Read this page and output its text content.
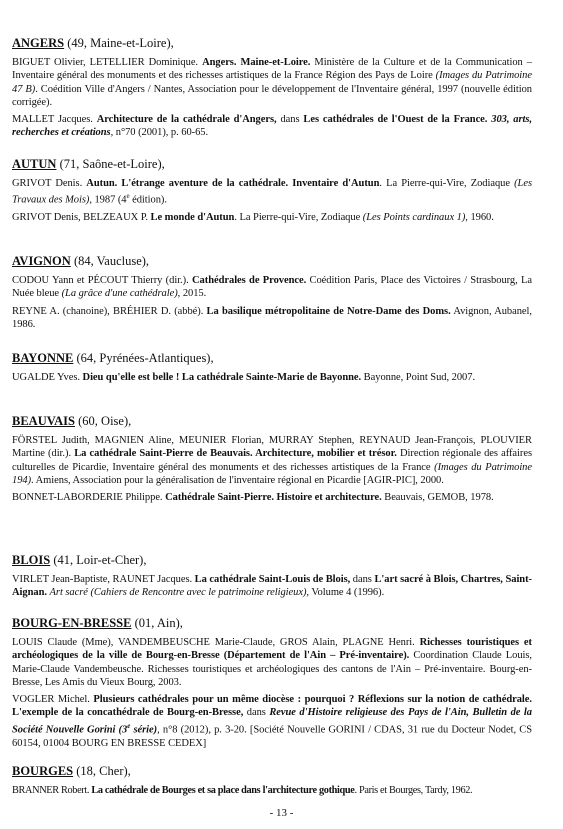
ANGERS (49, Maine-et-Loire),

BIGUET Olivier, LETELLIER Dominique. Angers. Maine-et-Loire. Ministère de la Culture et de la Communication – Inventaire général des monuments et des richesses artistiques de la France Région des Pays de Loire (Images du Patrimoine 47 B). Coédition Ville d'Angers / Nantes, Association pour le développement de l'Inventaire général, 1997 (nouvelle édition corrigée).

MALLET Jacques. Architecture de la cathédrale d'Angers, dans Les cathédrales de l'Ouest de la France. 303, arts, recherches et créations, n°70 (2001), p. 60-65.

AUTUN (71, Saône-et-Loire),

GRIVOT Denis. Autun. L'étrange aventure de la cathédrale. Inventaire d'Autun. La Pierre-qui-Vire, Zodiaque (Les Travaux des Mois), 1987 (4e édition).

GRIVOT Denis, BELZEAUX P. Le monde d'Autun. La Pierre-qui-Vire, Zodiaque (Les Points cardinaux 1), 1960.

AVIGNON (84, Vaucluse),

CODOU Yann et PÉCOUT Thierry (dir.). Cathédrales de Provence. Coédition Paris, Place des Victoires / Strasbourg, La Nuée bleue (La grâce d'une cathédrale), 2015.

REYNE A. (chanoine), BRÉHIER D. (abbé). La basilique métropolitaine de Notre-Dame des Doms. Avignon, Aubanel, 1986.

BAYONNE (64, Pyrénées-Atlantiques),

UGALDE Yves. Dieu qu'elle est belle ! La cathédrale Sainte-Marie de Bayonne. Bayonne, Point Sud, 2007.

BEAUVAIS (60, Oise),

FÖRSTEL Judith, MAGNIEN Aline, MEUNIER Florian, MURRAY Stephen, REYNAUD Jean-François, PLOUVIER Martine (dir.). La cathédrale Saint-Pierre de Beauvais. Architecture, mobilier et trésor. Direction régionale des affaires culturelles de Picardie, Inventaire général des monuments et des richesses artistiques de la France (Images du Patrimoine 194). Amiens, Association pour la généralisation de l'inventaire régional en Picardie [AGIR-PIC], 2000.

BONNET-LABORDERIE Philippe. Cathédrale Saint-Pierre. Histoire et architecture. Beauvais, GEMOB, 1978.

BLOIS (41, Loir-et-Cher),

VIRLET Jean-Baptiste, RAUNET Jacques. La cathédrale Saint-Louis de Blois, dans L'art sacré à Blois, Chartres, Saint-Aignan. Art sacré (Cahiers de Rencontre avec le patrimoine religieux), Volume 4 (1996).

BOURG-EN-BRESSE (01, Ain),

LOUIS Claude (Mme), VANDEMBEUSCHE Marie-Claude, GROS Alain, PLAGNE Henri. Richesses touristiques et archéologiques de la ville de Bourg-en-Bresse (Département de l'Ain – Pré-inventaire). Coordination Claude Louis, Marie-Claude Vandembeusche. Richesses touristiques et archéologiques des cantons de l'Ain – Pré-inventaire. Bourg-en-Bresse, Les Amis du Vieux Bourg, 2003.

VOGLER Michel. Plusieurs cathédrales pour un même diocèse : pourquoi ? Réflexions sur la notion de cathédrale. L'exemple de la concathédrale de Bourg-en-Bresse, dans Revue d'Histoire religieuse des Pays de l'Ain, Bulletin de la Société Nouvelle Gorini (3e série), n°8 (2012), p. 3-20. [Société Nouvelle GORINI / CDAS, 31 rue du Docteur Nodet, CS 60154, 01004 BOURG EN BRESSE CEDEX]

BOURGES (18, Cher),

BRANNER Robert. La cathédrale de Bourges et sa place dans l'architecture gothique. Paris et Bourges, Tardy, 1962.

- 13 -
